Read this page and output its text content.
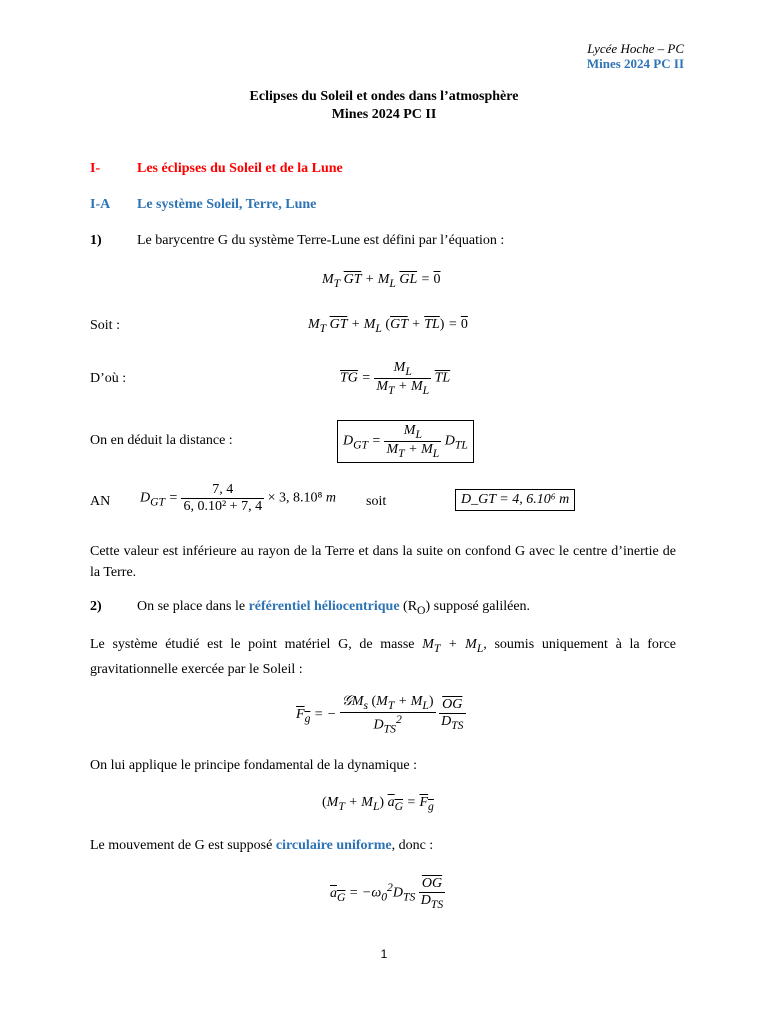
Lycée Hoche – PC
Mines 2024 PC II
Eclipses du Soleil et ondes dans l’atmosphère
Mines 2024 PC II
I-	Les éclipses du Soleil et de la Lune
I-A Le système Soleil, Terre, Lune
1)	Le barycentre G du système Terre-Lune est défini par l’équation :
$M_T$ $\overline{GT} + M_L$ $\overline{GL} = 0$
Soit :	$M_T$ $\overline{GT} + M_L$ $(\overline{GT} + \overline{TL}) = 0$
D’où :	$\overline{TG} = \frac{M_L}{M_T + M_L} \overline{TL}$
On en déduit la distance :	$D_{GT} = \frac{M_L}{M_T + M_L} D_{TL}$
AN $D_{GT} = \frac{7, 4}{\text{6, 0.10² + 7, 4}} \times 3$, 8.10⁸ m soit	D_GT = 4, 6.10⁶ m
Cette valeur est inférieure au rayon de la Terre et dans la suite on confond G avec le centre d’inertie de la Terre.
2)	On se place dans le référentiel héliocentrique $(R_O)$ supposé galiléen.
Le système étudié est le point matériel G, de masse $M_T + M_L$, soumis uniquement à la force gravitationnelle exercée par le Soleil :
$F_g$ = − $\frac{𝒢M_s (M_T + M_L)}{D_{TS}^2}$
$\frac{\overline{OG}}{D_{TS}}$
On lui applique le principe fondamental de la dynamique :
$(M_T + M_L) a_G = F_g$
Le mouvement de G est supposé circulaire uniforme, donc :
$a_G = -\omega_0^2D_{TS} \frac{\overline{OG}}{D_{TS}}$
1
